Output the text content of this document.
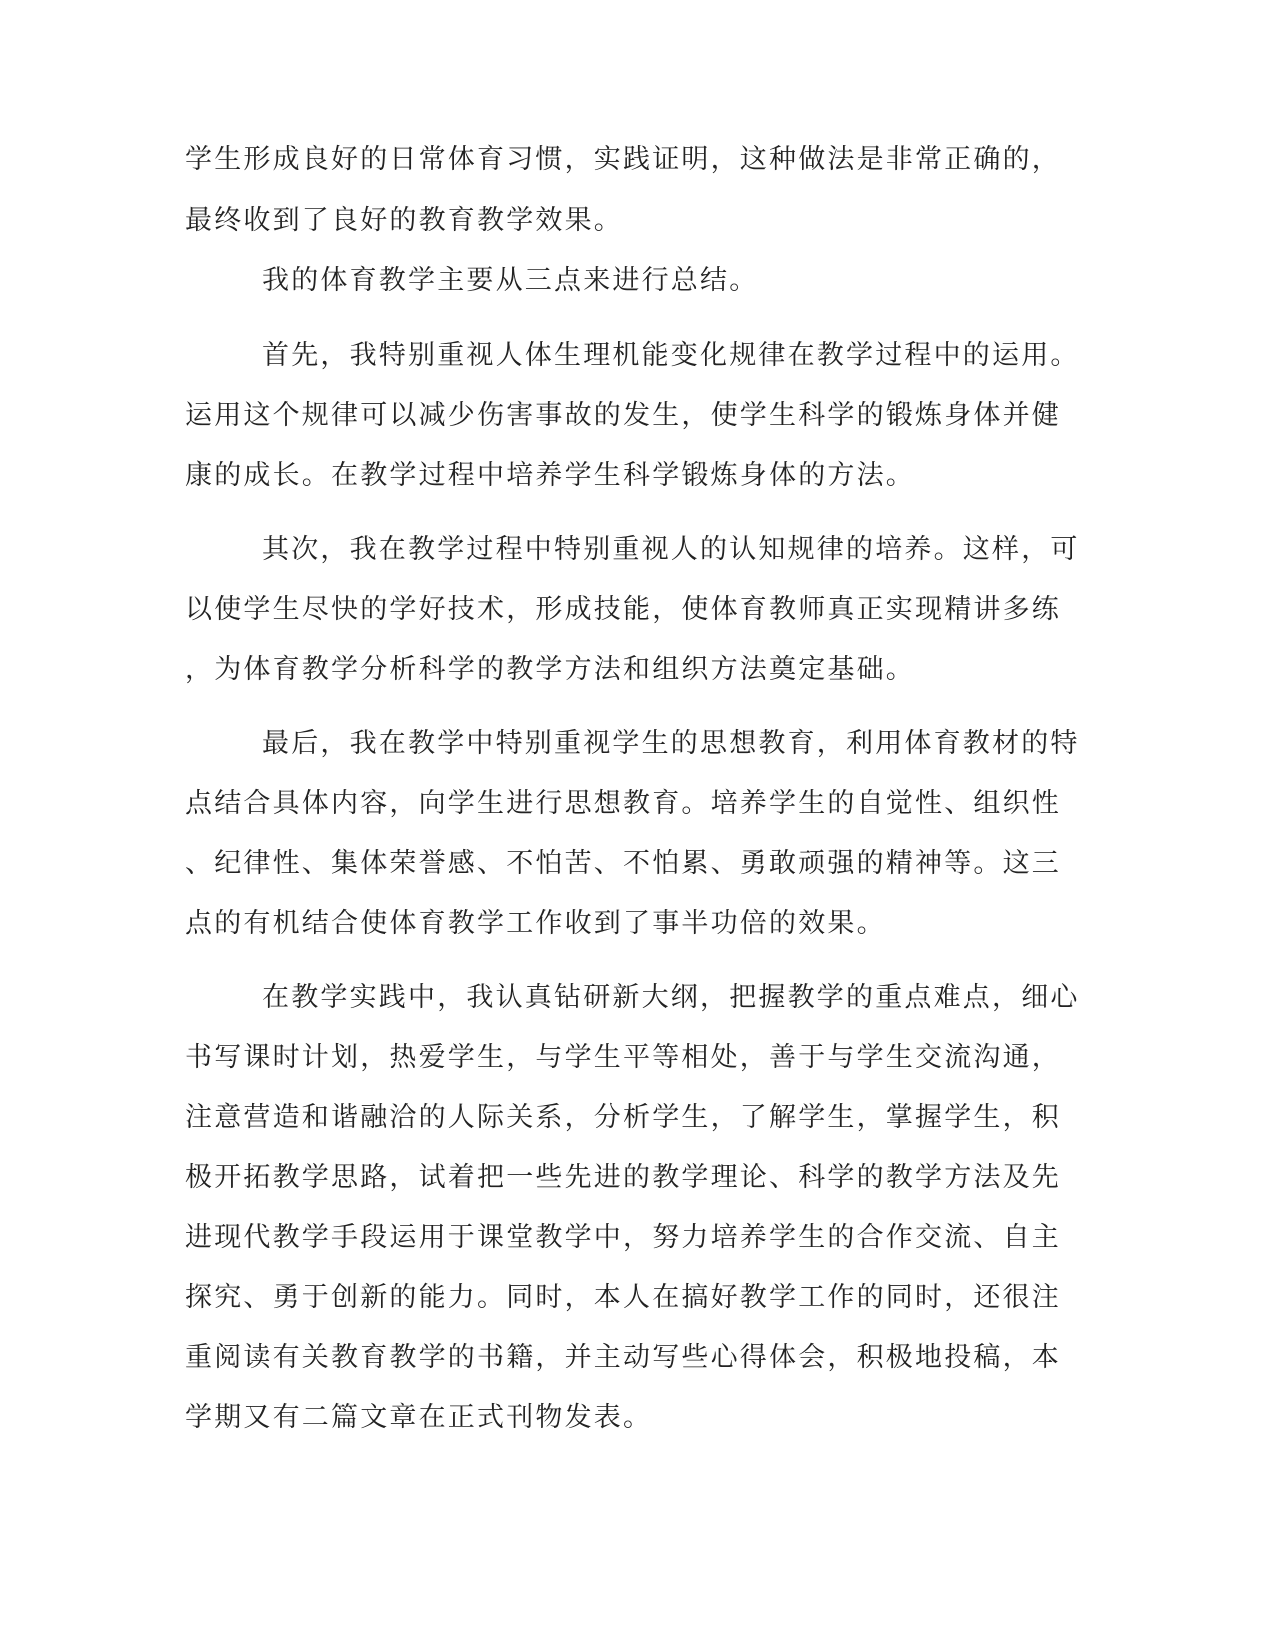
学生形成良好的日常体育习惯，实践证明，这种做法是非常正确的，
最终收到了良好的教育教学效果。
我的体育教学主要从三点来进行总结。
首先，我特别重视人体生理机能变化规律在教学过程中的运用。
运用这个规律可以减少伤害事故的发生，使学生科学的锻炼身体并健
康的成长。在教学过程中培养学生科学锻炼身体的方法。
其次，我在教学过程中特别重视人的认知规律的培养。这样，可
以使学生尽快的学好技术，形成技能，使体育教师真正实现精讲多练
，为体育教学分析科学的教学方法和组织方法奠定基础。
最后，我在教学中特别重视学生的思想教育，利用体育教材的特
点结合具体内容，向学生进行思想教育。培养学生的自觉性、组织性
、纪律性、集体荣誉感、不怕苦、不怕累、勇敢顽强的精神等。这三
点的有机结合使体育教学工作收到了事半功倍的效果。
在教学实践中，我认真钻研新大纲，把握教学的重点难点，细心
书写课时计划，热爱学生，与学生平等相处，善于与学生交流沟通，
注意营造和谐融洽的人际关系，分析学生，了解学生，掌握学生，积
极开拓教学思路，试着把一些先进的教学理论、科学的教学方法及先
进现代教学手段运用于课堂教学中，努力培养学生的合作交流、自主
探究、勇于创新的能力。同时，本人在搞好教学工作的同时，还很注
重阅读有关教育教学的书籍，并主动写些心得体会，积极地投稿，本
学期又有二篇文章在正式刊物发表。
